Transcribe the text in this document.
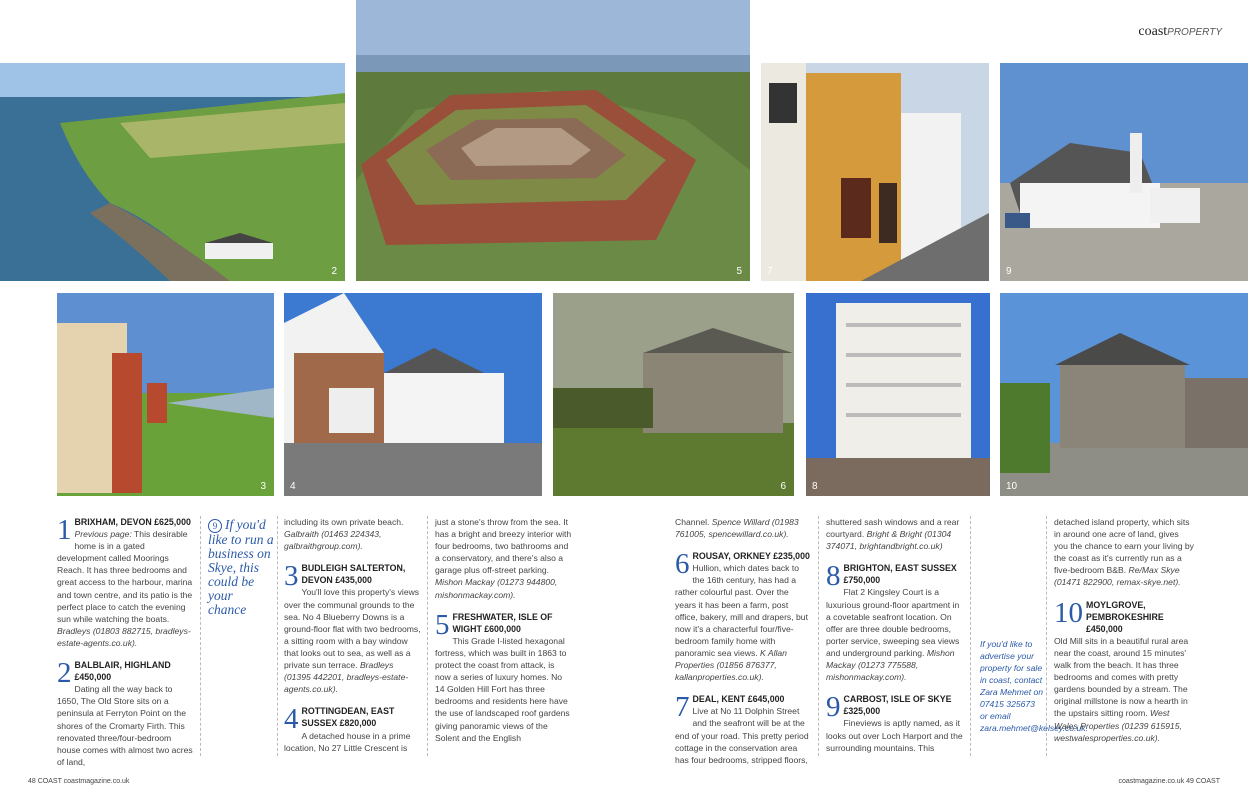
coastPROPERTY
2	5	7	9
3 4	6	8	10
9 If you'd like to run a business on Skye, this could be your chance
1 BRIXHAM, DEVON £625,000
Previous page: This desirable home is in a gated development called Moorings Reach. It has three bedrooms and great access to the harbour, marina and town centre, and its patio is the perfect place to catch the evening sun while watching the boats. Bradleys (01803 882715, bradleys-estate-agents.co.uk).
2 BALBLAIR, HIGHLAND £450,000
Dating all the way back to 1650, The Old Store sits on a peninsula at Ferryton Point on the shores of the Cromarty Firth. This renovated three/four-bedroom house comes with almost two acres of land,
including its own private beach. Galbraith (01463 224343, galbraithgroup.com).
3 BUDLEIGH SALTERTON, DEVON £435,000
You'll love this property's views over the communal grounds to the sea. No 4 Blueberry Downs is a ground-floor flat with two bedrooms, a sitting room with a bay window that looks out to sea, as well as a private sun terrace. Bradleys (01395 442201, bradleys-estate-agents.co.uk).
4 ROTTINGDEAN, EAST SUSSEX £820,000
A detached house in a prime location, No 27 Little Crescent is
just a stone's throw from the sea. It has a bright and breezy interior with four bedrooms, two bathrooms and a conservatory, and there's also a garage plus off-street parking. Mishon Mackay (01273 944800, mishonmackay.com).
5 FRESHWATER, ISLE OF WIGHT £600,000
This Grade I-listed hexagonal fortress, which was built in 1863 to protect the coast from attack, is now a series of luxury homes. No 14 Golden Hill Fort has three bedrooms and residents here have the use of landscaped roof gardens giving panoramic views of the Solent and the English
Channel. Spence Willard (01983 761005, spencewillard.co.uk).
6 ROUSAY, ORKNEY £235,000
Hullion, which dates back to the 16th century, has had a rather colourful past. Over the years it has been a farm, post office, bakery, mill and drapers, but now it's a characterful four/five-bedroom family home with panoramic sea views. K Allan Properties (01856 876377, kallanproperties.co.uk).
7 DEAL, KENT £645,000
Live at No 11 Dolphin Street and the seafront will be at the end of your road. This pretty period cottage in the conservation area has four bedrooms, stripped floors,
shuttered sash windows and a rear courtyard. Bright & Bright (01304 374071, brightandbright.co.uk)
8 BRIGHTON, EAST SUSSEX £750,000
Flat 2 Kingsley Court is a luxurious ground-floor apartment in a covetable seafront location. On offer are three double bedrooms, porter service, sweeping sea views and underground parking. Mishon Mackay (01273 775588, mishonmackay.com).
9 CARBOST, ISLE OF SKYE £325,000
Fineviews is aptly named, as it looks out over Loch Harport and the surrounding mountains. This
If you'd like to advertise your property for sale in coast, contact Zara Mehmet on 07415 325673 or email zara.mehmet@kelsey.co.uk.
detached island property, which sits in around one acre of land, gives you the chance to earn your living by the coast as it's currently run as a five-bedroom B&B. Re/Max Skye (01471 822900, remax-skye.net).
10 MOYLGROVE, PEMBROKESHIRE £450,000
Old Mill sits in a beautiful rural area near the coast, around 15 minutes' walk from the beach. It has three bedrooms and comes with pretty gardens bounded by a stream. The original millstone is now a hearth in the upstairs sitting room. West Wales Properties (01239 615915, westwalesproperties.co.uk).
48 COAST coastmagazine.co.uk	coastmagazine.co.uk 49 COAST
